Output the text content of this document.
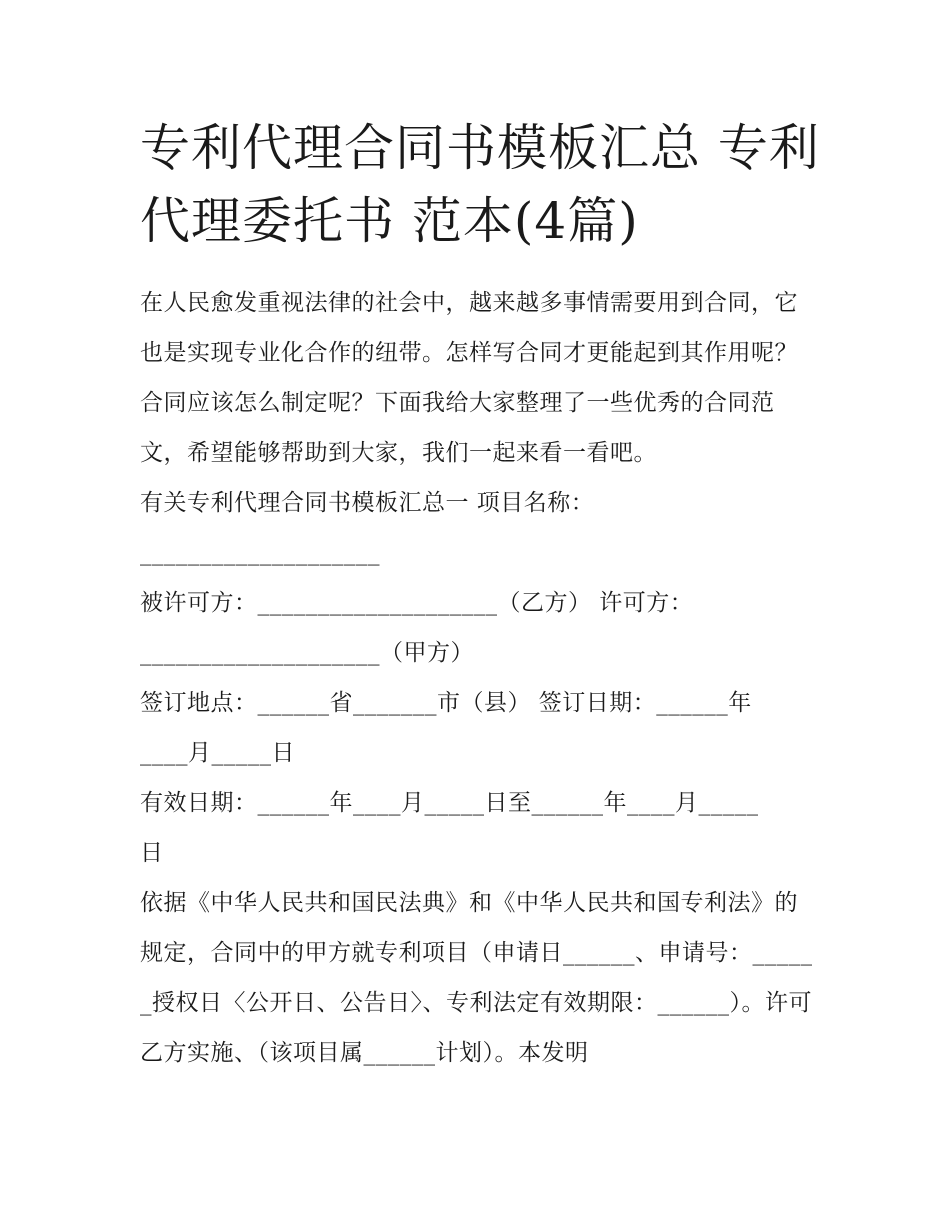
专利代理合同书模板汇总 专利代理委托书 范本(4篇)

在人民愈发重视法律的社会中，越来越多事情需要用到合同，它也是实现专业化合作的纽带。怎样写合同才更能起到其作用呢？合同应该怎么制定呢？下面我给大家整理了一些优秀的合同范文，希望能够帮助到大家，我们一起来看一看吧。

有关专利代理合同书模板汇总一 项目名称：

____________________

被许可方：____________________（乙方） 许可方：

____________________（甲方）

签订地点：______省_______市（县） 签订日期：______年

____月_____日

有效日期：______年____月_____日至______年____月_____

日

依据《中华人民共和国民法典》和《中华人民共和国专利法》的规定，合同中的甲方就专利项目（申请日______、申请号：______授权日〈公开日、公告日〉、专利法定有效期限：______）。许可乙方实施、（该项目属______计划）。本发明
